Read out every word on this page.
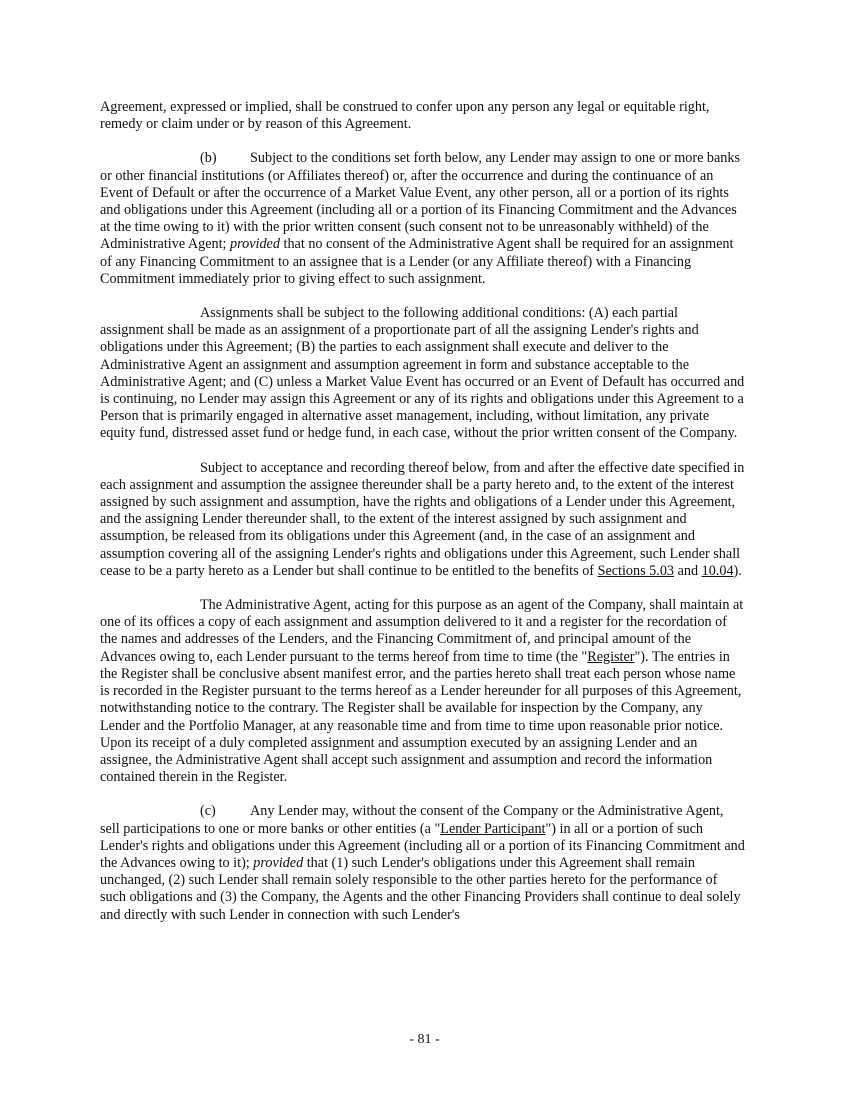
Agreement, expressed or implied, shall be construed to confer upon any person any legal or equitable right, remedy or claim under or by reason of this Agreement.

(b) Subject to the conditions set forth below, any Lender may assign to one or more banks or other financial institutions (or Affiliates thereof) or, after the occurrence and during the continuance of an Event of Default or after the occurrence of a Market Value Event, any other person, all or a portion of its rights and obligations under this Agreement (including all or a portion of its Financing Commitment and the Advances at the time owing to it) with the prior written consent (such consent not to be unreasonably withheld) of the Administrative Agent; provided that no consent of the Administrative Agent shall be required for an assignment of any Financing Commitment to an assignee that is a Lender (or any Affiliate thereof) with a Financing Commitment immediately prior to giving effect to such assignment.

Assignments shall be subject to the following additional conditions: (A) each partial assignment shall be made as an assignment of a proportionate part of all the assigning Lender's rights and obligations under this Agreement; (B) the parties to each assignment shall execute and deliver to the Administrative Agent an assignment and assumption agreement in form and substance acceptable to the Administrative Agent; and (C) unless a Market Value Event has occurred or an Event of Default has occurred and is continuing, no Lender may assign this Agreement or any of its rights and obligations under this Agreement to a Person that is primarily engaged in alternative asset management, including, without limitation, any private equity fund, distressed asset fund or hedge fund, in each case, without the prior written consent of the Company.

Subject to acceptance and recording thereof below, from and after the effective date specified in each assignment and assumption the assignee thereunder shall be a party hereto and, to the extent of the interest assigned by such assignment and assumption, have the rights and obligations of a Lender under this Agreement, and the assigning Lender thereunder shall, to the extent of the interest assigned by such assignment and assumption, be released from its obligations under this Agreement (and, in the case of an assignment and assumption covering all of the assigning Lender's rights and obligations under this Agreement, such Lender shall cease to be a party hereto as a Lender but shall continue to be entitled to the benefits of Sections 5.03 and 10.04).

The Administrative Agent, acting for this purpose as an agent of the Company, shall maintain at one of its offices a copy of each assignment and assumption delivered to it and a register for the recordation of the names and addresses of the Lenders, and the Financing Commitment of, and principal amount of the Advances owing to, each Lender pursuant to the terms hereof from time to time (the "Register"). The entries in the Register shall be conclusive absent manifest error, and the parties hereto shall treat each person whose name is recorded in the Register pursuant to the terms hereof as a Lender hereunder for all purposes of this Agreement, notwithstanding notice to the contrary. The Register shall be available for inspection by the Company, any Lender and the Portfolio Manager, at any reasonable time and from time to time upon reasonable prior notice. Upon its receipt of a duly completed assignment and assumption executed by an assigning Lender and an assignee, the Administrative Agent shall accept such assignment and assumption and record the information contained therein in the Register.

(c) Any Lender may, without the consent of the Company or the Administrative Agent, sell participations to one or more banks or other entities (a "Lender Participant") in all or a portion of such Lender's rights and obligations under this Agreement (including all or a portion of its Financing Commitment and the Advances owing to it); provided that (1) such Lender's obligations under this Agreement shall remain unchanged, (2) such Lender shall remain solely responsible to the other parties hereto for the performance of such obligations and (3) the Company, the Agents and the other Financing Providers shall continue to deal solely and directly with such Lender in connection with such Lender's

- 81 -
